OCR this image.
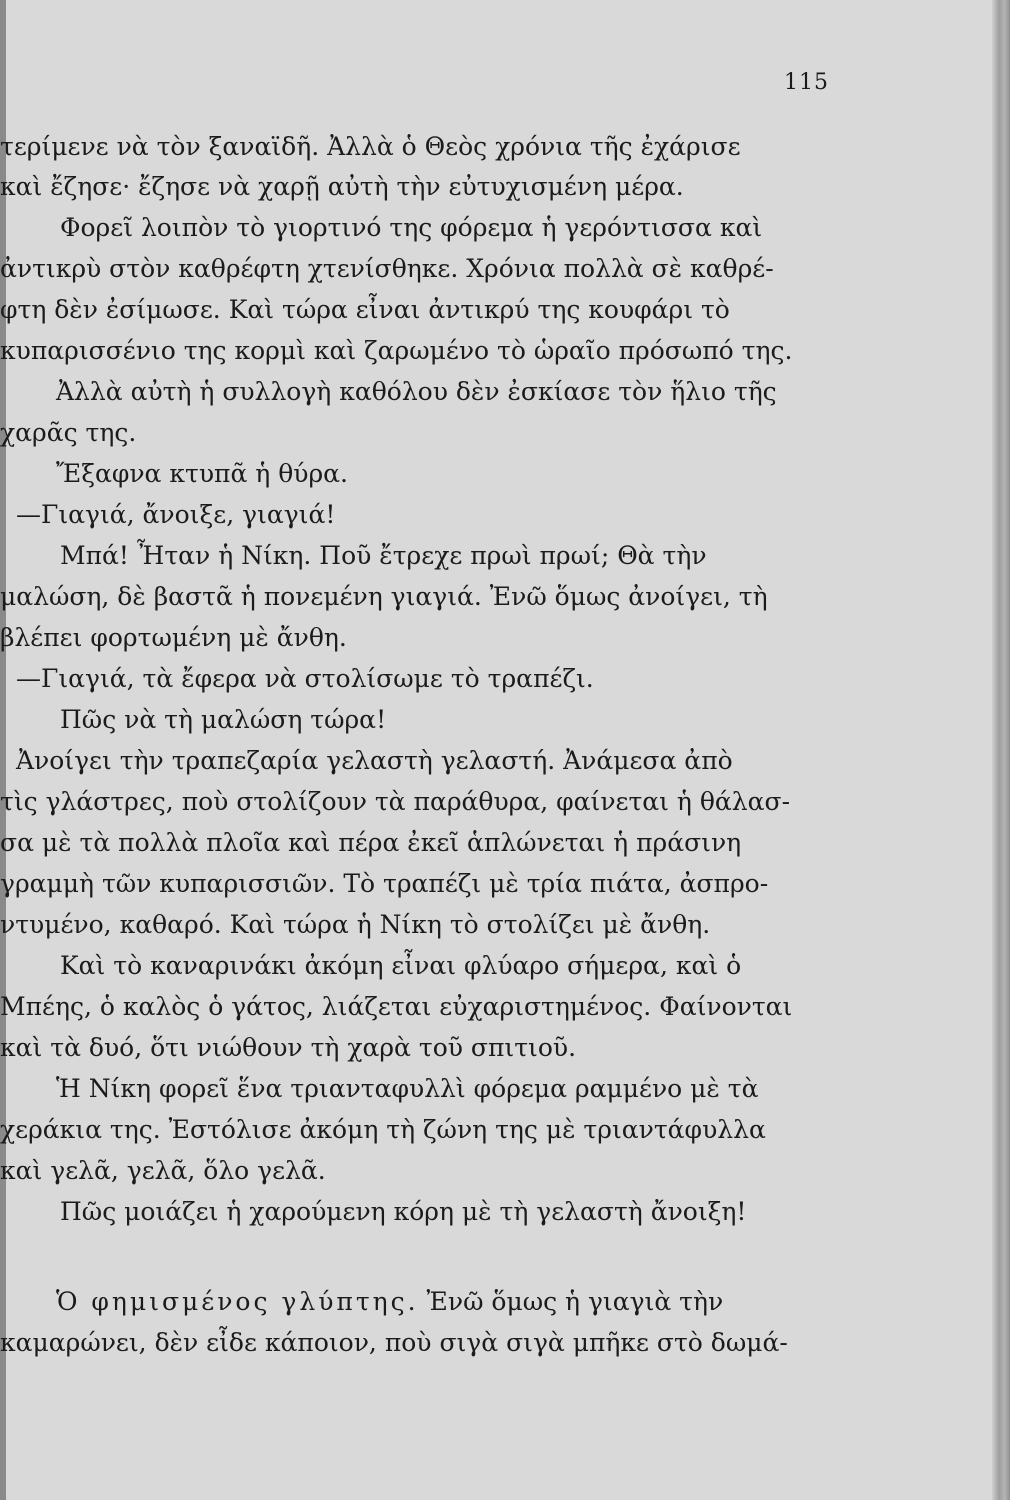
115
τερίμενε νὰ τὸν ξαναϊδῆ. Ἀλλὰ ὁ Θεὸς χρόνια τῆς ἐχάρισε
καὶ ἔζησε· ἔζησε νὰ χαρῇ αὐτὴ τὴν εὐτυχισμένη μέρα.
Φορεῖ λοιπὸν τὸ γιορτινό της φόρεμα ἡ γερόντισσα καὶ
ἀντικρὺ στὸν καθρέφτη χτενίσθηκε. Χρόνια πολλὰ σὲ καθρέ-
φτη δὲν ἐσίμωσε. Καὶ τώρα εἶναι ἀντικρύ της κουφάρι τὸ
κυπαρισσένιο της κορμὶ καὶ ζαρωμένο τὸ ὡραῖο πρόσωπό της.
Ἀλλὰ αὐτὴ ἡ συλλογὴ καθόλου δὲν ἐσκίασε τὸν ἥλιο τῆς
χαρᾶς της.
Ἔξαφνα κτυπᾶ ἡ θύρα.
—Γιαγιά, ἄνοιξε, γιαγιά!
Μπά! Ἦταν ἡ Νίκη. Ποῦ ἔτρεχε πρωὶ πρωί; Θὰ τὴν
μαλώση, δὲ βαστᾶ ἡ πονεμένη γιαγιά. Ἐνῶ ὅμως ἀνοίγει, τὴ
βλέπει φορτωμένη μὲ ἄνθη.
—Γιαγιά, τὰ ἔφερα νὰ στολίσωμε τὸ τραπέζι.
Πῶς νὰ τὴ μαλώση τώρα!
Ἀνοίγει τὴν τραπεζαρία γελαστὴ γελαστή. Ἀνάμεσα ἀπὸ
τὶς γλάστρες, ποὺ στολίζουν τὰ παράθυρα, φαίνεται ἡ θάλασ-
σα μὲ τὰ πολλὰ πλοῖα καὶ πέρα ἐκεῖ ἁπλώνεται ἡ πράσινη
γραμμὴ τῶν κυπαρισσιῶν. Τὸ τραπέζι μὲ τρία πιάτα, ἀσπρο-
ντυμένο, καθαρό. Καὶ τώρα ἡ Νίκη τὸ στολίζει μὲ ἄνθη.
Καὶ τὸ καναρινάκι ἀκόμη εἶναι φλύαρο σήμερα, καὶ ὁ
Μπέης, ὁ καλὸς ὁ γάτος, λιάζεται εὐχαριστημένος. Φαίνονται
καὶ τὰ δυό, ὅτι νιώθουν τὴ χαρὰ τοῦ σπιτιοῦ.
Ἡ Νίκη φορεῖ ἕνα τριανταφυλλὶ φόρεμα ραμμένο μὲ τὰ
χεράκια της. Ἐστόλισε ἀκόμη τὴ ζώνη της μὲ τριαντάφυλλα
καὶ γελᾶ, γελᾶ, ὅλο γελᾶ.
Πῶς μοιάζει ἡ χαρούμενη κόρη μὲ τὴ γελαστὴ ἄνοιξη!
Ὁ φημισμένος γλύπτης. Ἐνῶ ὅμως ἡ γιαγιὰ τὴν
καμαρώνει, δὲν εἶδε κάποιον, ποὺ σιγὰ σιγὰ μπῆκε στὸ δωμά-
